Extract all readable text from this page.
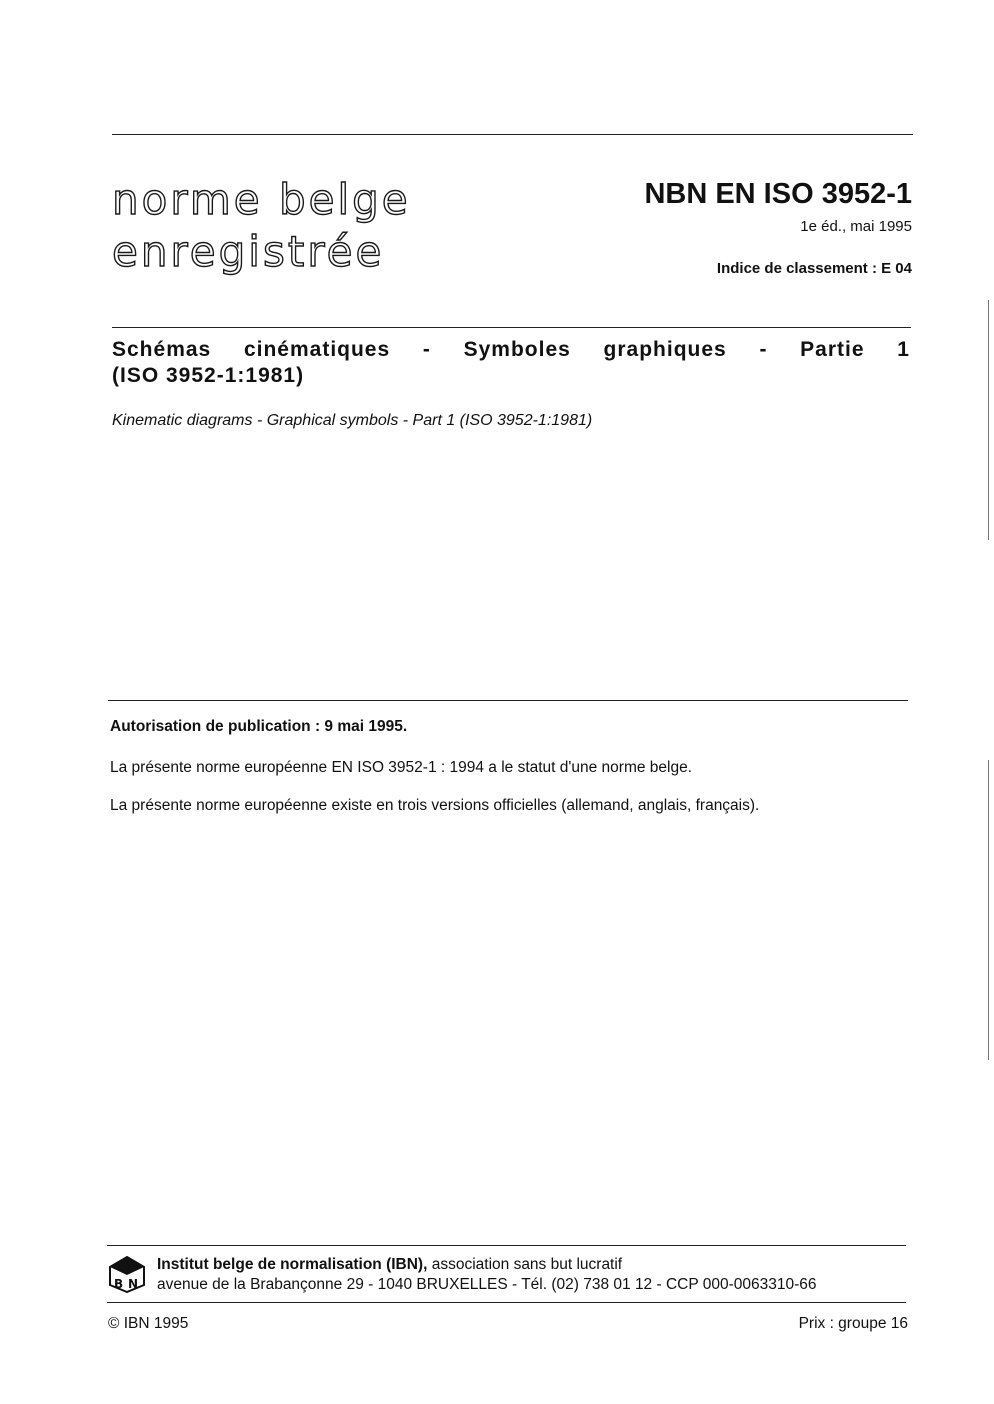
norme belge
enregistrée
NBN EN ISO 3952-1
1e éd., mai 1995
Indice de classement : E 04
Schémas cinématiques - Symboles graphiques - Partie 1
(ISO 3952-1:1981)
Kinematic diagrams - Graphical symbols - Part 1 (ISO 3952-1:1981)
Autorisation de publication : 9 mai 1995.
La présente norme européenne EN ISO 3952-1 : 1994 a le statut d'une norme belge.
La présente norme européenne existe en trois versions officielles (allemand, anglais, français).
B N
Institut belge de normalisation (IBN), association sans but lucratif
avenue de la Brabançonne 29 - 1040 BRUXELLES - Tél. (02) 738 01 12 - CCP 000-0063310-66
© IBN 1995	Prix : groupe 16
